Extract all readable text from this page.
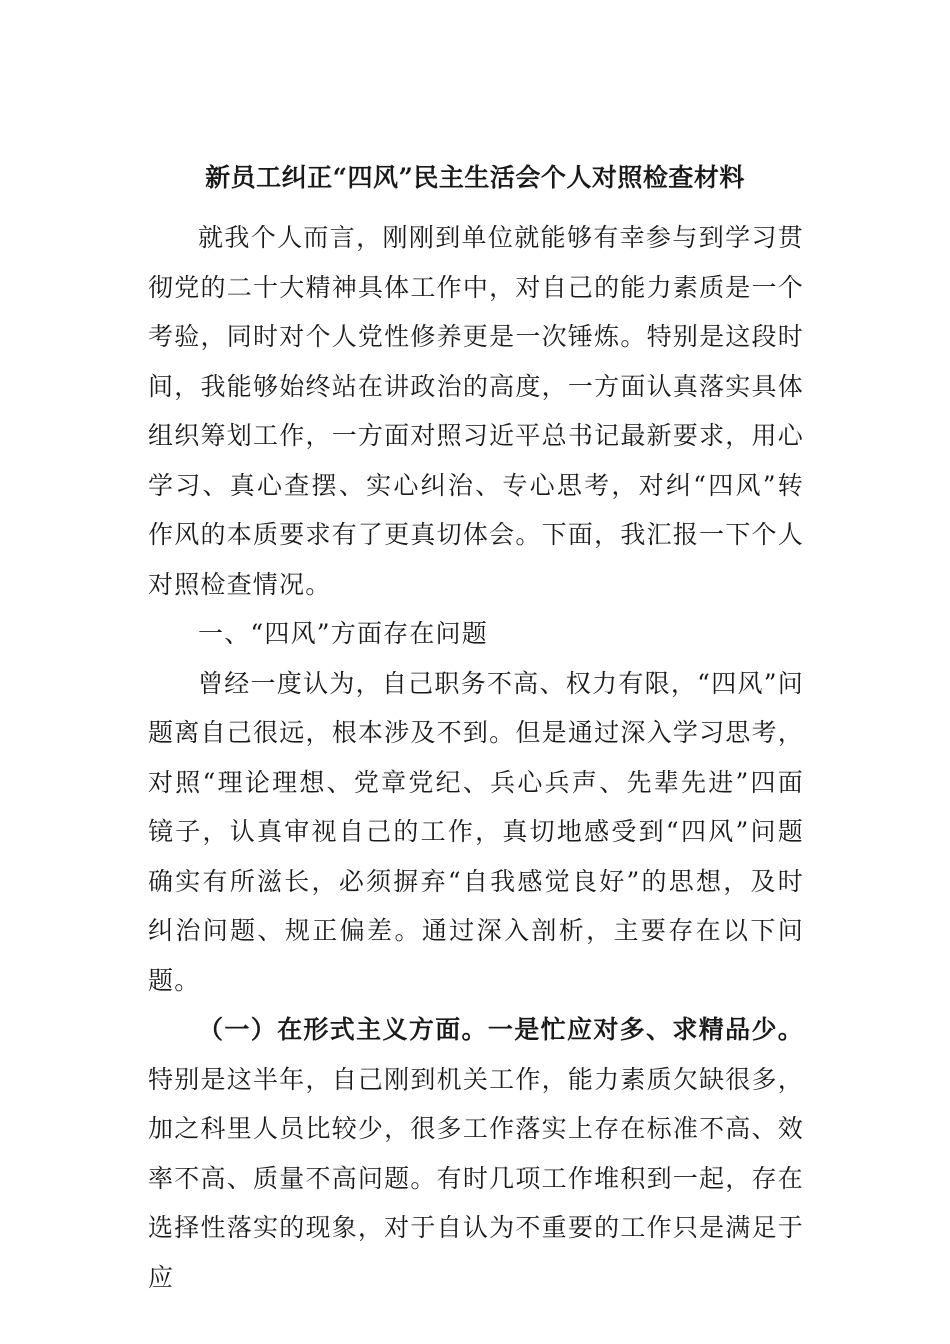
新员工纠正“四风”民主生活会个人对照检查材料

就我个人而言，刚刚到单位就能够有幸参与到学习贯彻党的二十大精神具体工作中，对自己的能力素质是一个考验，同时对个人党性修养更是一次锤炼。特别是这段时间，我能够始终站在讲政治的高度，一方面认真落实具体组织筹划工作，一方面对照习近平总书记最新要求，用心学习、真心查摆、实心纠治、专心思考，对纠“四风”转作风的本质要求有了更真切体会。下面，我汇报一下个人对照检查情况。

一、“四风”方面存在问题

曾经一度认为，自己职务不高、权力有限，“四风”问题离自己很远，根本涉及不到。但是通过深入学习思考，对照“理论理想、党章党纪、兵心兵声、先辈先进”四面镜子，认真审视自己的工作，真切地感受到“四风”问题确实有所滋长，必须摒弃“自我感觉良好”的思想，及时纠治问题、规正偏差。通过深入剖析，主要存在以下问题。

（一）在形式主义方面。一是忙应对多、求精品少。特别是这半年，自己刚到机关工作，能力素质欠缺很多，加之科里人员比较少，很多工作落实上存在标准不高、效率不高、质量不高问题。有时几项工作堆积到一起，存在选择性落实的现象，对于自认为不重要的工作只是满足于应
